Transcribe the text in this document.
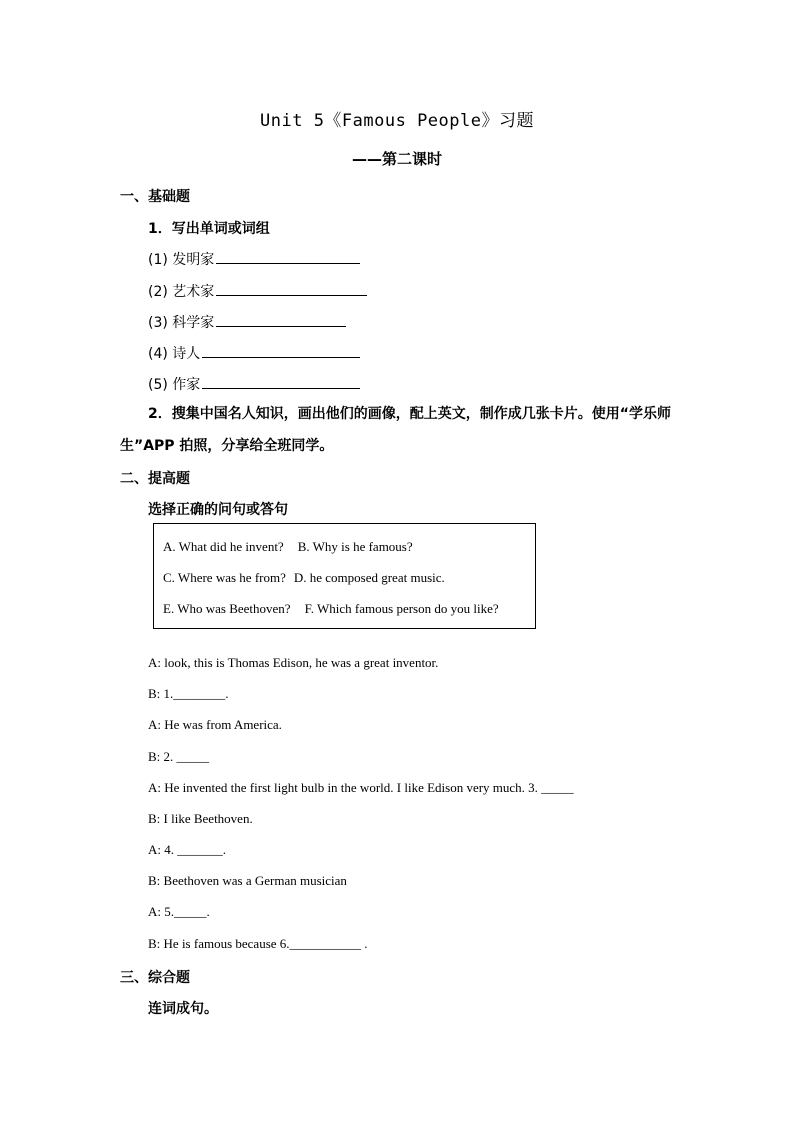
Unit 5《Famous People》习题
——第二课时
一、基础题
1．写出单词或词组
(1) 发明家
(2) 艺术家
(3) 科学家
(4) 诗人
(5) 作家
2．搜集中国名人知识，画出他们的画像，配上英文，制作成几张卡片。使用“学乐师生”APP 拍照，分享给全班同学。
二、提高题
选择正确的问句或答句
A. What did he invent? B. Why is he famous?
C. Where was he from? D. he composed great music.
E. Who was Beethoven? F. Which famous person do you like?
A: look, this is Thomas Edison, he was a great inventor.
B: 1.________.
A: He was from America.
B: 2. _____
A: He invented the first light bulb in the world. I like Edison very much. 3. _____
B: I like Beethoven.
A: 4. _______.
B: Beethoven was a German musician
A: 5._____.
B: He is famous because 6.___________ .
三、综合题
连词成句。
